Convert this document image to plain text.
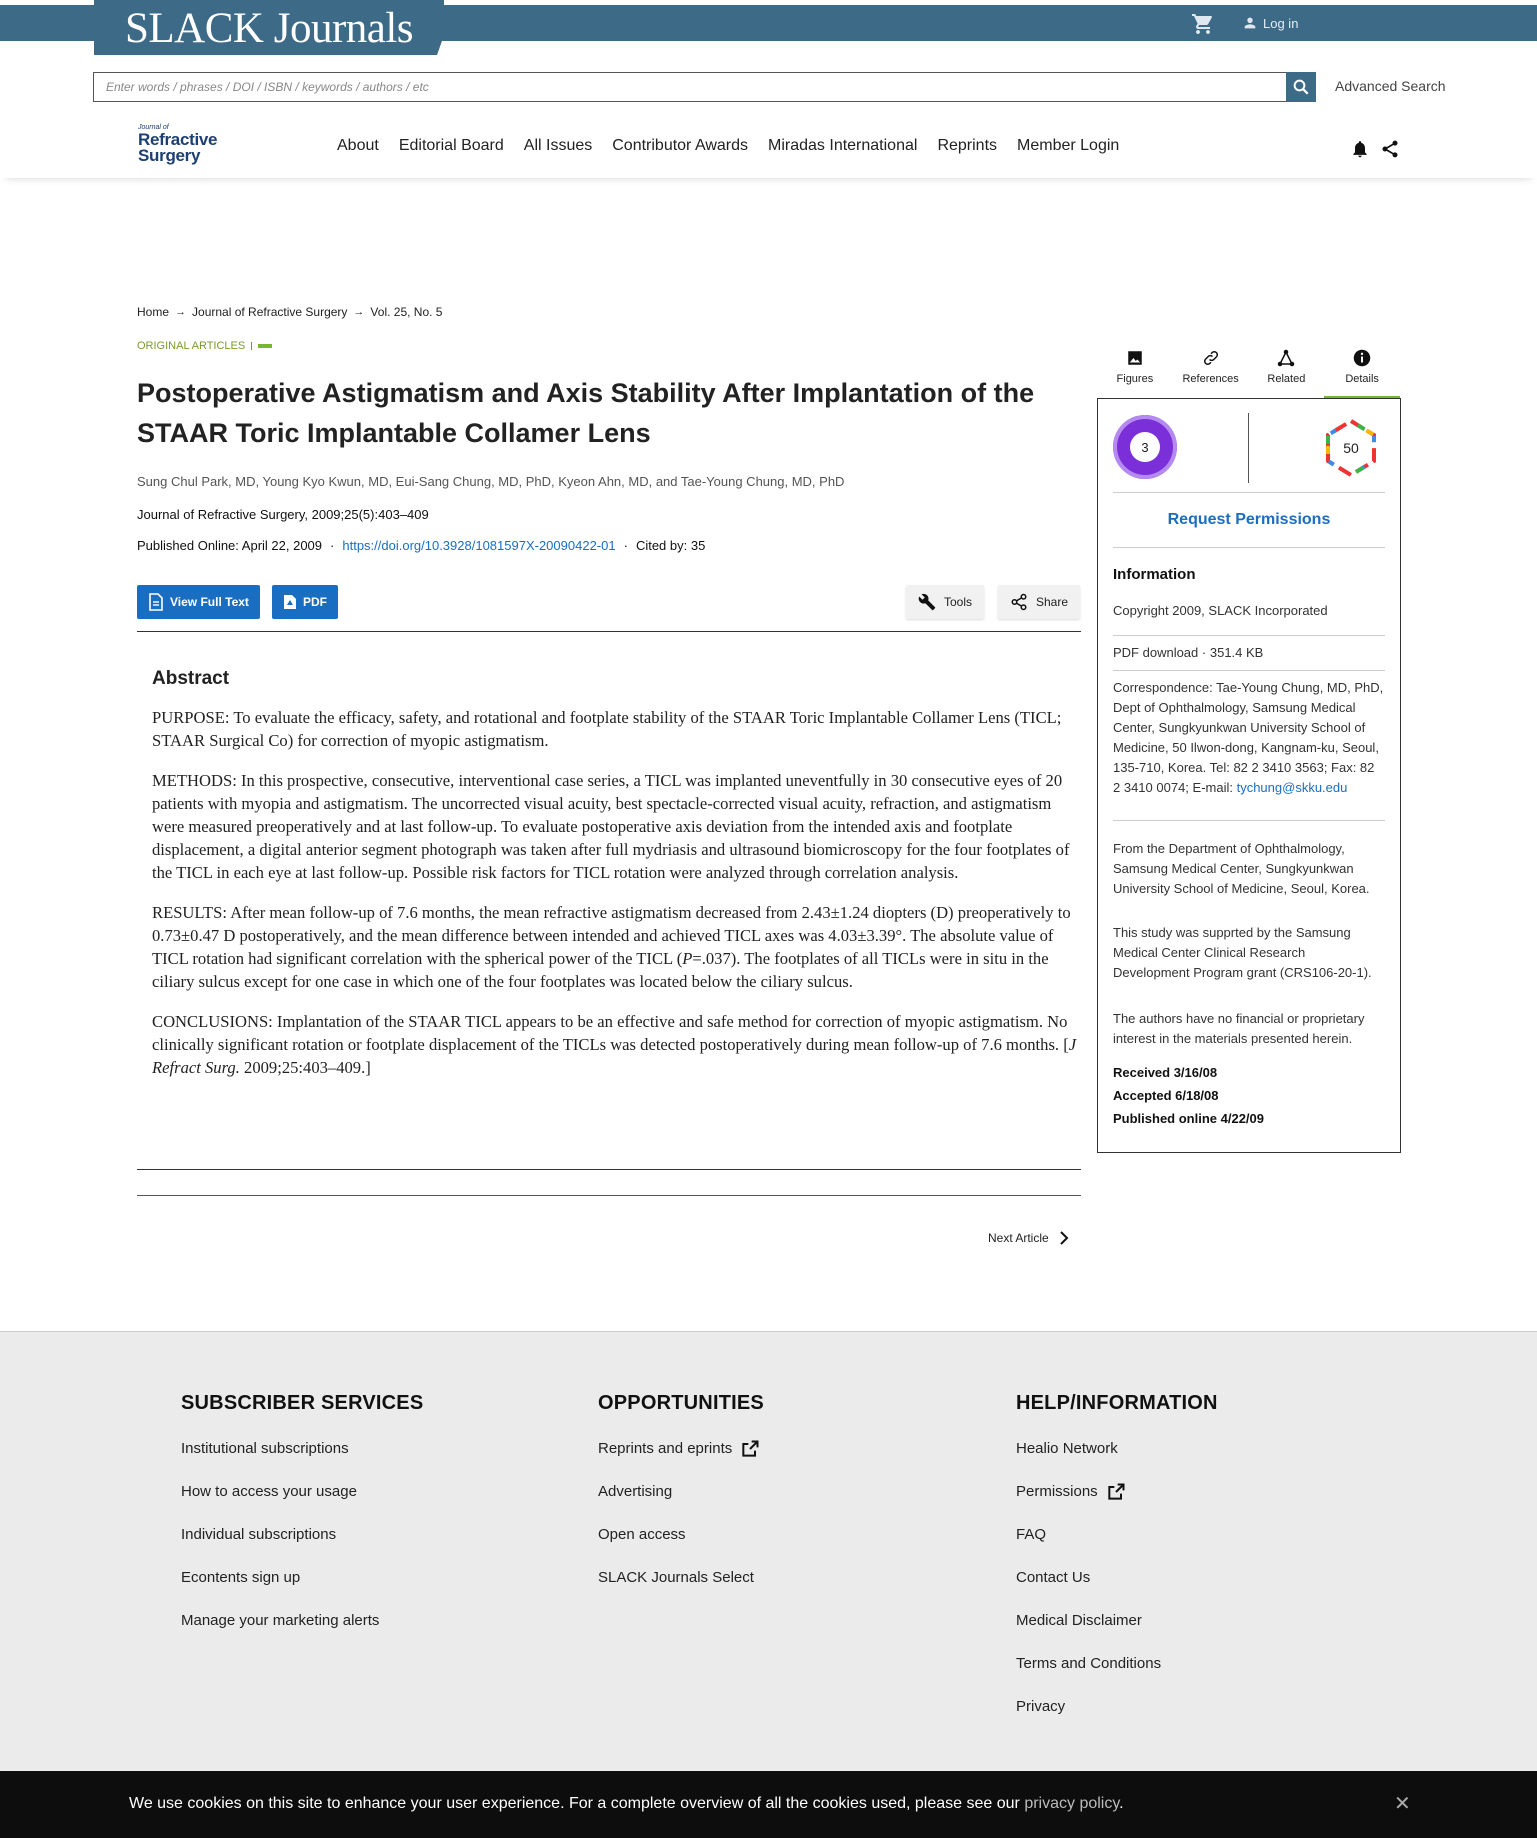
SLACK Journals	Log in
Enter words / phrases / DOI / ISBN / keywords / authors / etc	Advanced Search
Journal of
Refractive
Surgery
About Editorial Board All Issues Contributor Awards Miradas International Reprints Member Login
Home → Journal of Refractive Surgery → Vol. 25, No. 5
ORIGINAL ARTICLES
Postoperative Astigmatism and Axis Stability After Implantation of the STAAR Toric Implantable Collamer Lens
Sung Chul Park, MD, Young Kyo Kwun, MD, Eui-Sang Chung, MD, PhD, Kyeon Ahn, MD, and Tae-Young Chung, MD, PhD
Journal of Refractive Surgery, 2009;25(5):403–409
Published Online: April 22, 2009 · https://doi.org/10.3928/1081597X-20090422-01 · Cited by: 35
View Full Text	PDF	Tools	Share
Abstract

PURPOSE: To evaluate the efficacy, safety, and rotational and footplate stability of the STAAR Toric Implantable Collamer Lens (TICL; STAAR Surgical Co) for correction of myopic astigmatism.

METHODS: In this prospective, consecutive, interventional case series, a TICL was implanted uneventfully in 30 consecutive eyes of 20 patients with myopia and astigmatism. The uncorrected visual acuity, best spectacle-corrected visual acuity, refraction, and astigmatism were measured preoperatively and at last follow-up. To evaluate postoperative axis deviation from the intended axis and footplate displacement, a digital anterior segment photograph was taken after full mydriasis and ultrasound biomicroscopy for the four footplates of the TICL in each eye at last follow-up. Possible risk factors for TICL rotation were analyzed through correlation analysis.

RESULTS: After mean follow-up of 7.6 months, the mean refractive astigmatism decreased from 2.43±1.24 diopters (D) preoperatively to 0.73±0.47 D postoperatively, and the mean difference between intended and achieved TICL axes was 4.03±3.39°. The absolute value of TICL rotation had significant correlation with the spherical power of the TICL (P=.037). The footplates of all TICLs were in situ in the ciliary sulcus except for one case in which one of the four footplates was located below the ciliary sulcus.

CONCLUSIONS: Implantation of the STAAR TICL appears to be an effective and safe method for correction of myopic astigmatism. No clinically significant rotation or footplate displacement of the TICLs was detected postoperatively during mean follow-up of 7.6 months. [J Refract Surg. 2009;25:403–409.]

Next Article
Figures	References	Related	Details
3	50
Request Permissions
Information
Copyright 2009, SLACK Incorporated
PDF download · 351.4 KB
Correspondence: Tae-Young Chung, MD, PhD, Dept of Ophthalmology, Samsung Medical Center, Sungkyunkwan University School of Medicine, 50 Ilwon-dong, Kangnam-ku, Seoul, 135-710, Korea. Tel: 82 2 3410 3563; Fax: 82 2 3410 0074; E-mail: tychung@skku.edu
From the Department of Ophthalmology, Samsung Medical Center, Sungkyunkwan University School of Medicine, Seoul, Korea.
This study was supprted by the Samsung Medical Center Clinical Research Development Program grant (CRS106-20-1).
The authors have no financial or proprietary interest in the materials presented herein.
Received 3/16/08
Accepted 6/18/08
Published online 4/22/09
SUBSCRIBER SERVICES
Institutional subscriptions
How to access your usage
Individual subscriptions
Econtents sign up
Manage your marketing alerts
OPPORTUNITIES
Reprints and eprints
Advertising
Open access
SLACK Journals Select
HELP/INFORMATION
Healio Network
Permissions
FAQ
Contact Us
Medical Disclaimer
Terms and Conditions
Privacy
We use cookies on this site to enhance your user experience. For a complete overview of all the cookies used, please see our privacy policy.	✕
